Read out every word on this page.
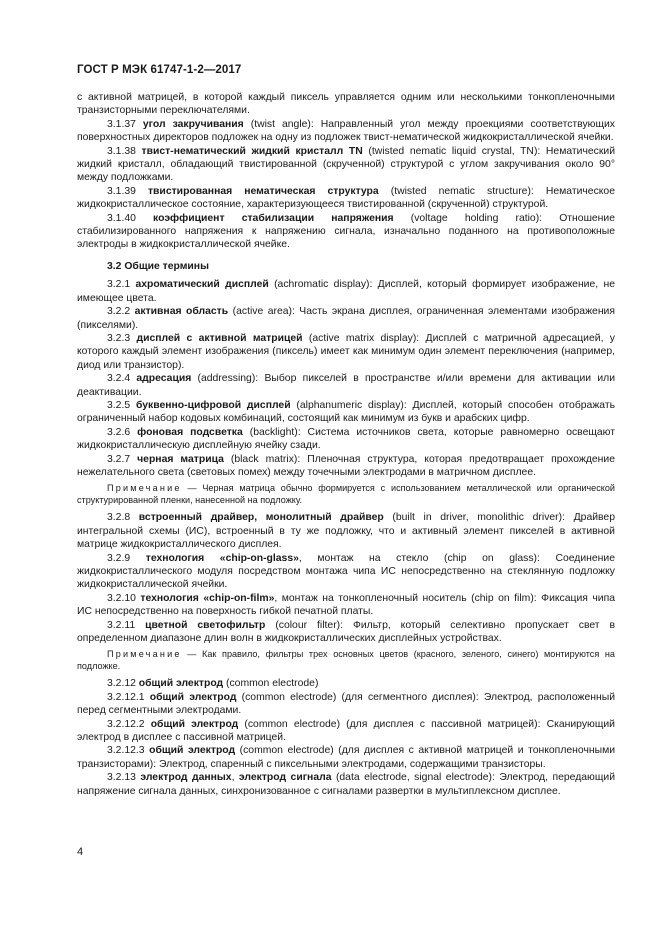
ГОСТ Р МЭК 61747-1-2—2017

с активной матрицей, в которой каждый пиксель управляется одним или несколькими тонкопленочными транзисторными переключателями.

3.1.37 угол закручивания (twist angle): Направленный угол между проекциями соответствующих поверхностных директоров подложек на одну из подложек твист-нематической жидкокристаллической ячейки.

3.1.38 твист-нематический жидкий кристалл TN (twisted nematic liquid crystal, TN): Нематический жидкий кристалл, обладающий твистированной (скрученной) структурой с углом закручивания около 90° между подложками.

3.1.39 твистированная нематическая структура (twisted nematic structure): Нематическое жидкокристаллическое состояние, характеризующееся твистированной (скрученной) структурой.

3.1.40 коэффициент стабилизации напряжения (voltage holding ratio): Отношение стабилизированного напряжения к напряжению сигнала, изначально поданного на противоположные электроды в жидкокристаллической ячейке.

3.2 Общие термины

3.2.1 ахроматический дисплей (achromatic display): Дисплей, который формирует изображение, не имеющее цвета.

3.2.2 активная область (active area): Часть экрана дисплея, ограниченная элементами изображения (пикселями).

3.2.3 дисплей с активной матрицей (active matrix display): Дисплей с матричной адресацией, у которого каждый элемент изображения (пиксель) имеет как минимум один элемент переключения (например, диод или транзистор).

3.2.4 адресация (addressing): Выбор пикселей в пространстве и/или времени для активации или деактивации.

3.2.5 буквенно-цифровой дисплей (alphanumeric display): Дисплей, который способен отображать ограниченный набор кодовых комбинаций, состоящий как минимум из букв и арабских цифр.

3.2.6 фоновая подсветка (backlight): Система источников света, которые равномерно освещают жидкокристаллическую дисплейную ячейку сзади.

3.2.7 черная матрица (black matrix): Пленочная структура, которая предотвращает прохождение нежелательного света (световых помех) между точечными электродами в матричном дисплее.

Примечание — Черная матрица обычно формируется с использованием металлической или органической структурированной пленки, нанесенной на подложку.

3.2.8 встроенный драйвер, монолитный драйвер (built in driver, monolithic driver): Драйвер интегральной схемы (ИС), встроенный в ту же подложку, что и активный элемент пикселей в активной матрице жидкокристаллического дисплея.

3.2.9 технология «chip-on-glass», монтаж на стекло (chip on glass): Соединение жидкокристаллического модуля посредством монтажа чипа ИС непосредственно на стеклянную подложку жидкокристаллической ячейки.

3.2.10 технология «chip-on-film», монтаж на тонкопленочный носитель (chip on film): Фиксация чипа ИС непосредственно на поверхность гибкой печатной платы.

3.2.11 цветной светофильтр (colour filter): Фильтр, который селективно пропускает свет в определенном диапазоне длин волн в жидкокристаллических дисплейных устройствах.

Примечание — Как правило, фильтры трех основных цветов (красного, зеленого, синего) монтируются на подложке.

3.2.12 общий электрод (common electrode)

3.2.12.1 общий электрод (common electrode) (для сегментного дисплея): Электрод, расположенный перед сегментными электродами.

3.2.12.2 общий электрод (common electrode) (для дисплея с пассивной матрицей): Сканирующий электрод в дисплее с пассивной матрицей.

3.2.12.3 общий электрод (common electrode) (для дисплея с активной матрицей и тонкопленочными транзисторами): Электрод, спаренный с пиксельными электродами, содержащими транзисторы.

3.2.13 электрод данных, электрод сигнала (data electrode, signal electrode): Электрод, передающий напряжение сигнала данных, синхронизованное с сигналами развертки в мультиплексном дисплее.

4
